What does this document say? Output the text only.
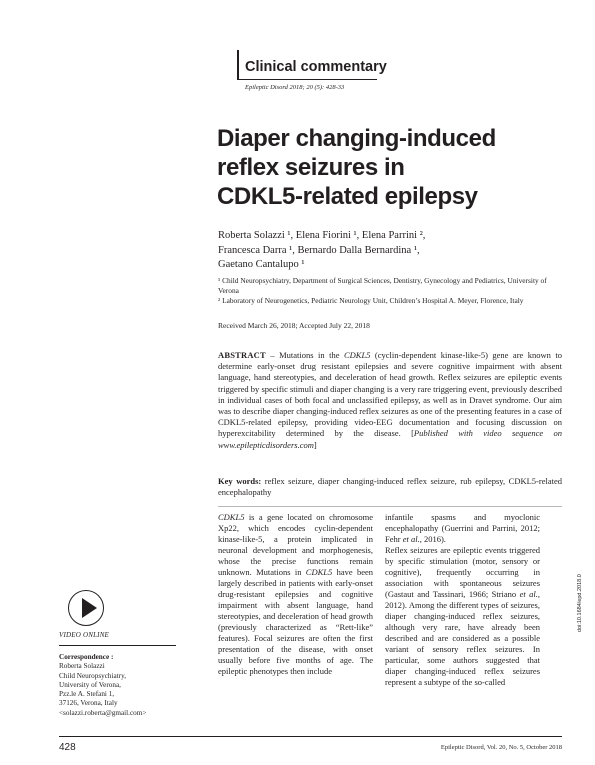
Clinical commentary
Epileptic Disord 2018; 20 (5): 428-33
Diaper changing-induced
reflex seizures in
CDKL5-related epilepsy
Roberta Solazzi ¹, Elena Fiorini ¹, Elena Parrini ²,
Francesca Darra ¹, Bernardo Dalla Bernardina ¹,
Gaetano Cantalupo ¹
¹ Child Neuropsychiatry, Department of Surgical Sciences, Dentistry, Gynecology and Pediatrics, University of Verona
² Laboratory of Neurogenetics, Pediatric Neurology Unit, Children’s Hospital A. Meyer, Florence, Italy
Received March 26, 2018; Accepted July 22, 2018
ABSTRACT – Mutations in the CDKL5 (cyclin-dependent kinase-like-5) gene are known to determine early-onset drug resistant epilepsies and severe cognitive impairment with absent language, hand stereotypies, and deceleration of head growth. Reflex seizures are epileptic events triggered by specific stimuli and diaper changing is a very rare triggering event, previously described in individual cases of both focal and unclassified epilepsy, as well as in Dravet syndrome. Our aim was to describe diaper changing-induced reflex seizures as one of the presenting features in a case of CDKL5-related epilepsy, providing video-EEG documentation and focusing discussion on hyperexcitability determined by the disease. [Published with video sequence on www.epilepticdisorders.com]
Key words: reflex seizure, diaper changing-induced reflex seizure, rub epilepsy, CDKL5-related encephalopathy
CDKL5 is a gene located on chromosome Xp22, which encodes cyclin-dependent kinase-like-5, a protein implicated in neuronal development and morphogenesis, whose the precise functions remain unknown. Mutations in CDKL5 have been largely described in patients with early-onset drug-resistant epilepsies and cognitive impairment with absent language, hand stereotypies, and deceleration of head growth (previously characterized as “Rett-like” features). Focal seizures are often the first presentation of the disease, with onset usually before five months of age. The epileptic phenotypes then include
infantile spasms and myoclonic encephalopathy (Guerrini and Parrini, 2012; Fehr et al., 2016).
Reflex seizures are epileptic events triggered by specific stimulation (motor, sensory or cognitive), frequently occurring in association with spontaneous seizures (Gastaut and Tassinari, 1966; Striano et al., 2012). Among the different types of seizures, diaper changing-induced reflex seizures, although very rare, have already been described and are considered as a possible variant of sensory reflex seizures. In particular, some authors suggested that diaper changing-induced reflex seizures represent a subtype of the so-called
VIDEO ONLINE
Correspondence :
Roberta Solazzi
Child Neuropsychiatry,
University of Verona,
Pzz.le A. Stefani 1,
37126, Verona, Italy
<solazzi.roberta@gmail.com>
doi:10.1684/epd.2018.0
428	Epileptic Disord, Vol. 20, No. 5, October 2018
